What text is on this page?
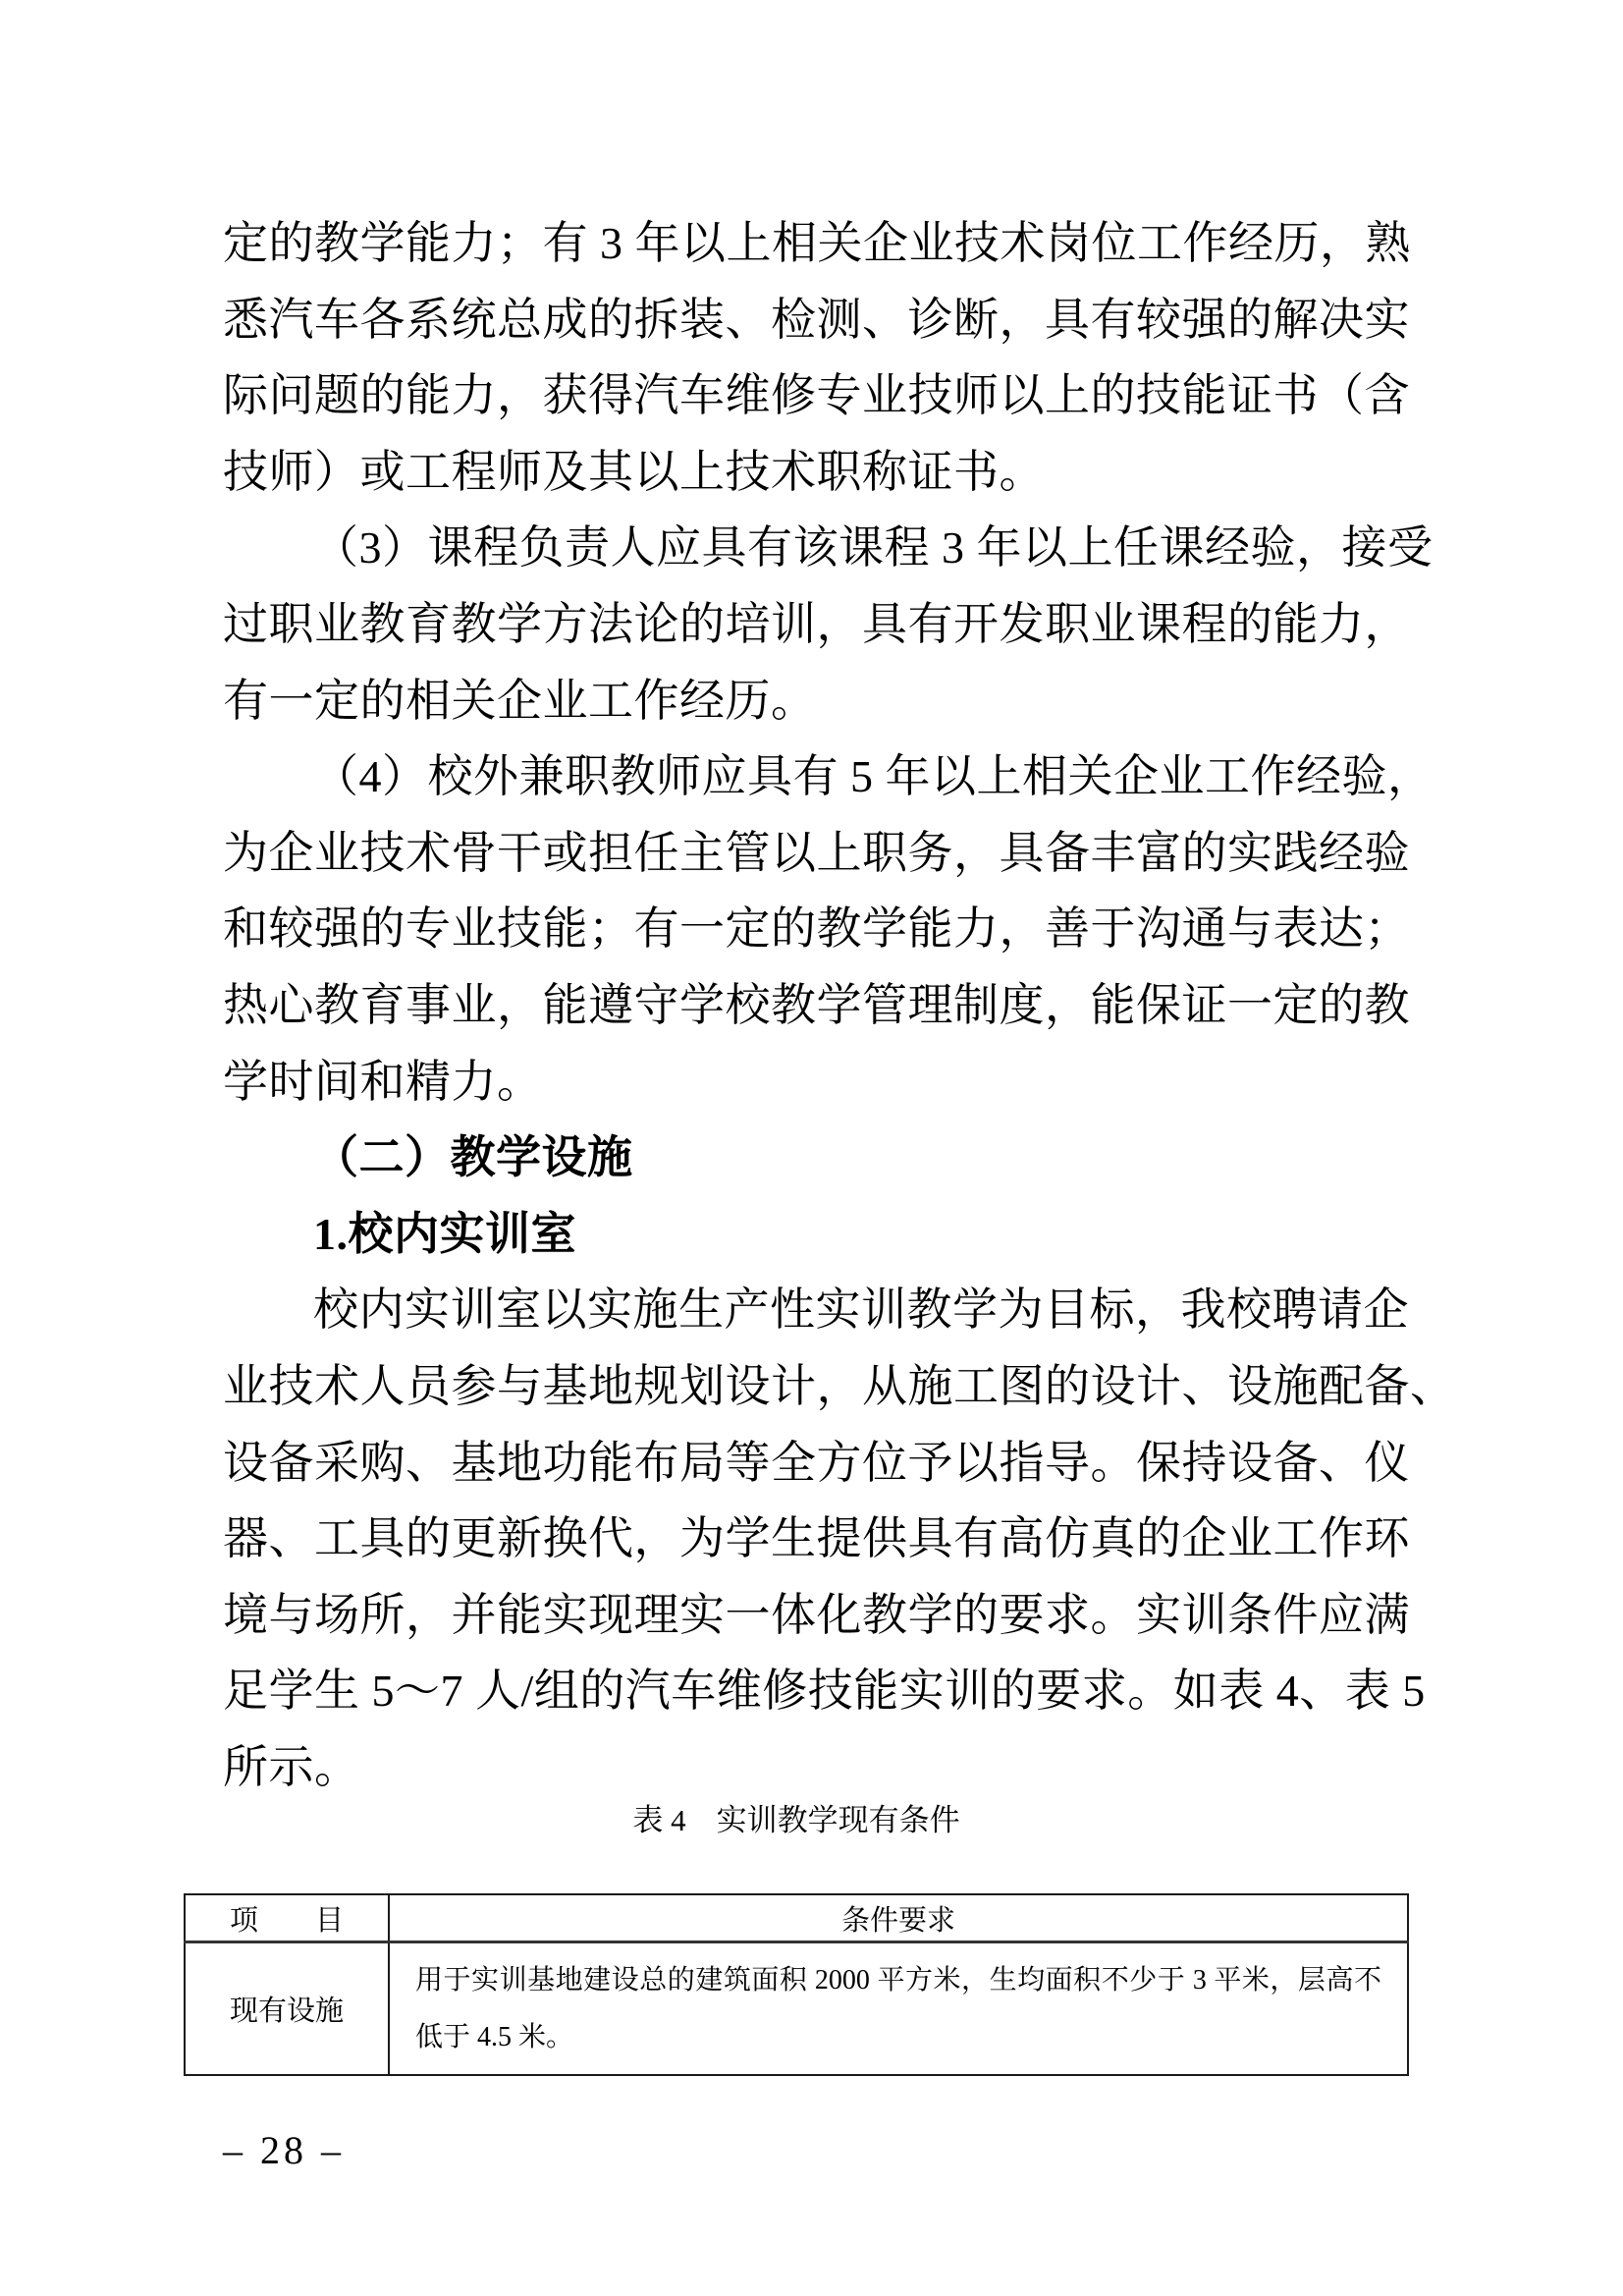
定的教学能力；有 3 年以上相关企业技术岗位工作经历，熟
悉汽车各系统总成的拆装、检测、诊断，具有较强的解决实
际问题的能力，获得汽车维修专业技师以上的技能证书（含
技师）或工程师及其以上技术职称证书。
（3）课程负责人应具有该课程 3 年以上任课经验，接受
过职业教育教学方法论的培训，具有开发职业课程的能力，
有一定的相关企业工作经历。
（4）校外兼职教师应具有 5 年以上相关企业工作经验，
为企业技术骨干或担任主管以上职务，具备丰富的实践经验
和较强的专业技能；有一定的教学能力，善于沟通与表达；
热心教育事业，能遵守学校教学管理制度，能保证一定的教
学时间和精力。
（二）教学设施
1.校内实训室
校内实训室以实施生产性实训教学为目标，我校聘请企
业技术人员参与基地规划设计，从施工图的设计、设施配备、
设备采购、基地功能布局等全方位予以指导。保持设备、仪
器、工具的更新换代，为学生提供具有高仿真的企业工作环
境与场所，并能实现理实一体化教学的要求。实训条件应满
足学生 5～7 人/组的汽车维修技能实训的要求。如表 4、表 5
所示。
表 4　实训教学现有条件
项　　目	条件要求
现有设施	用于实训基地建设总的建筑面积 2000 平方米，生均面积不少于 3 平米，层高不低于 4.5 米。
– 28 –
